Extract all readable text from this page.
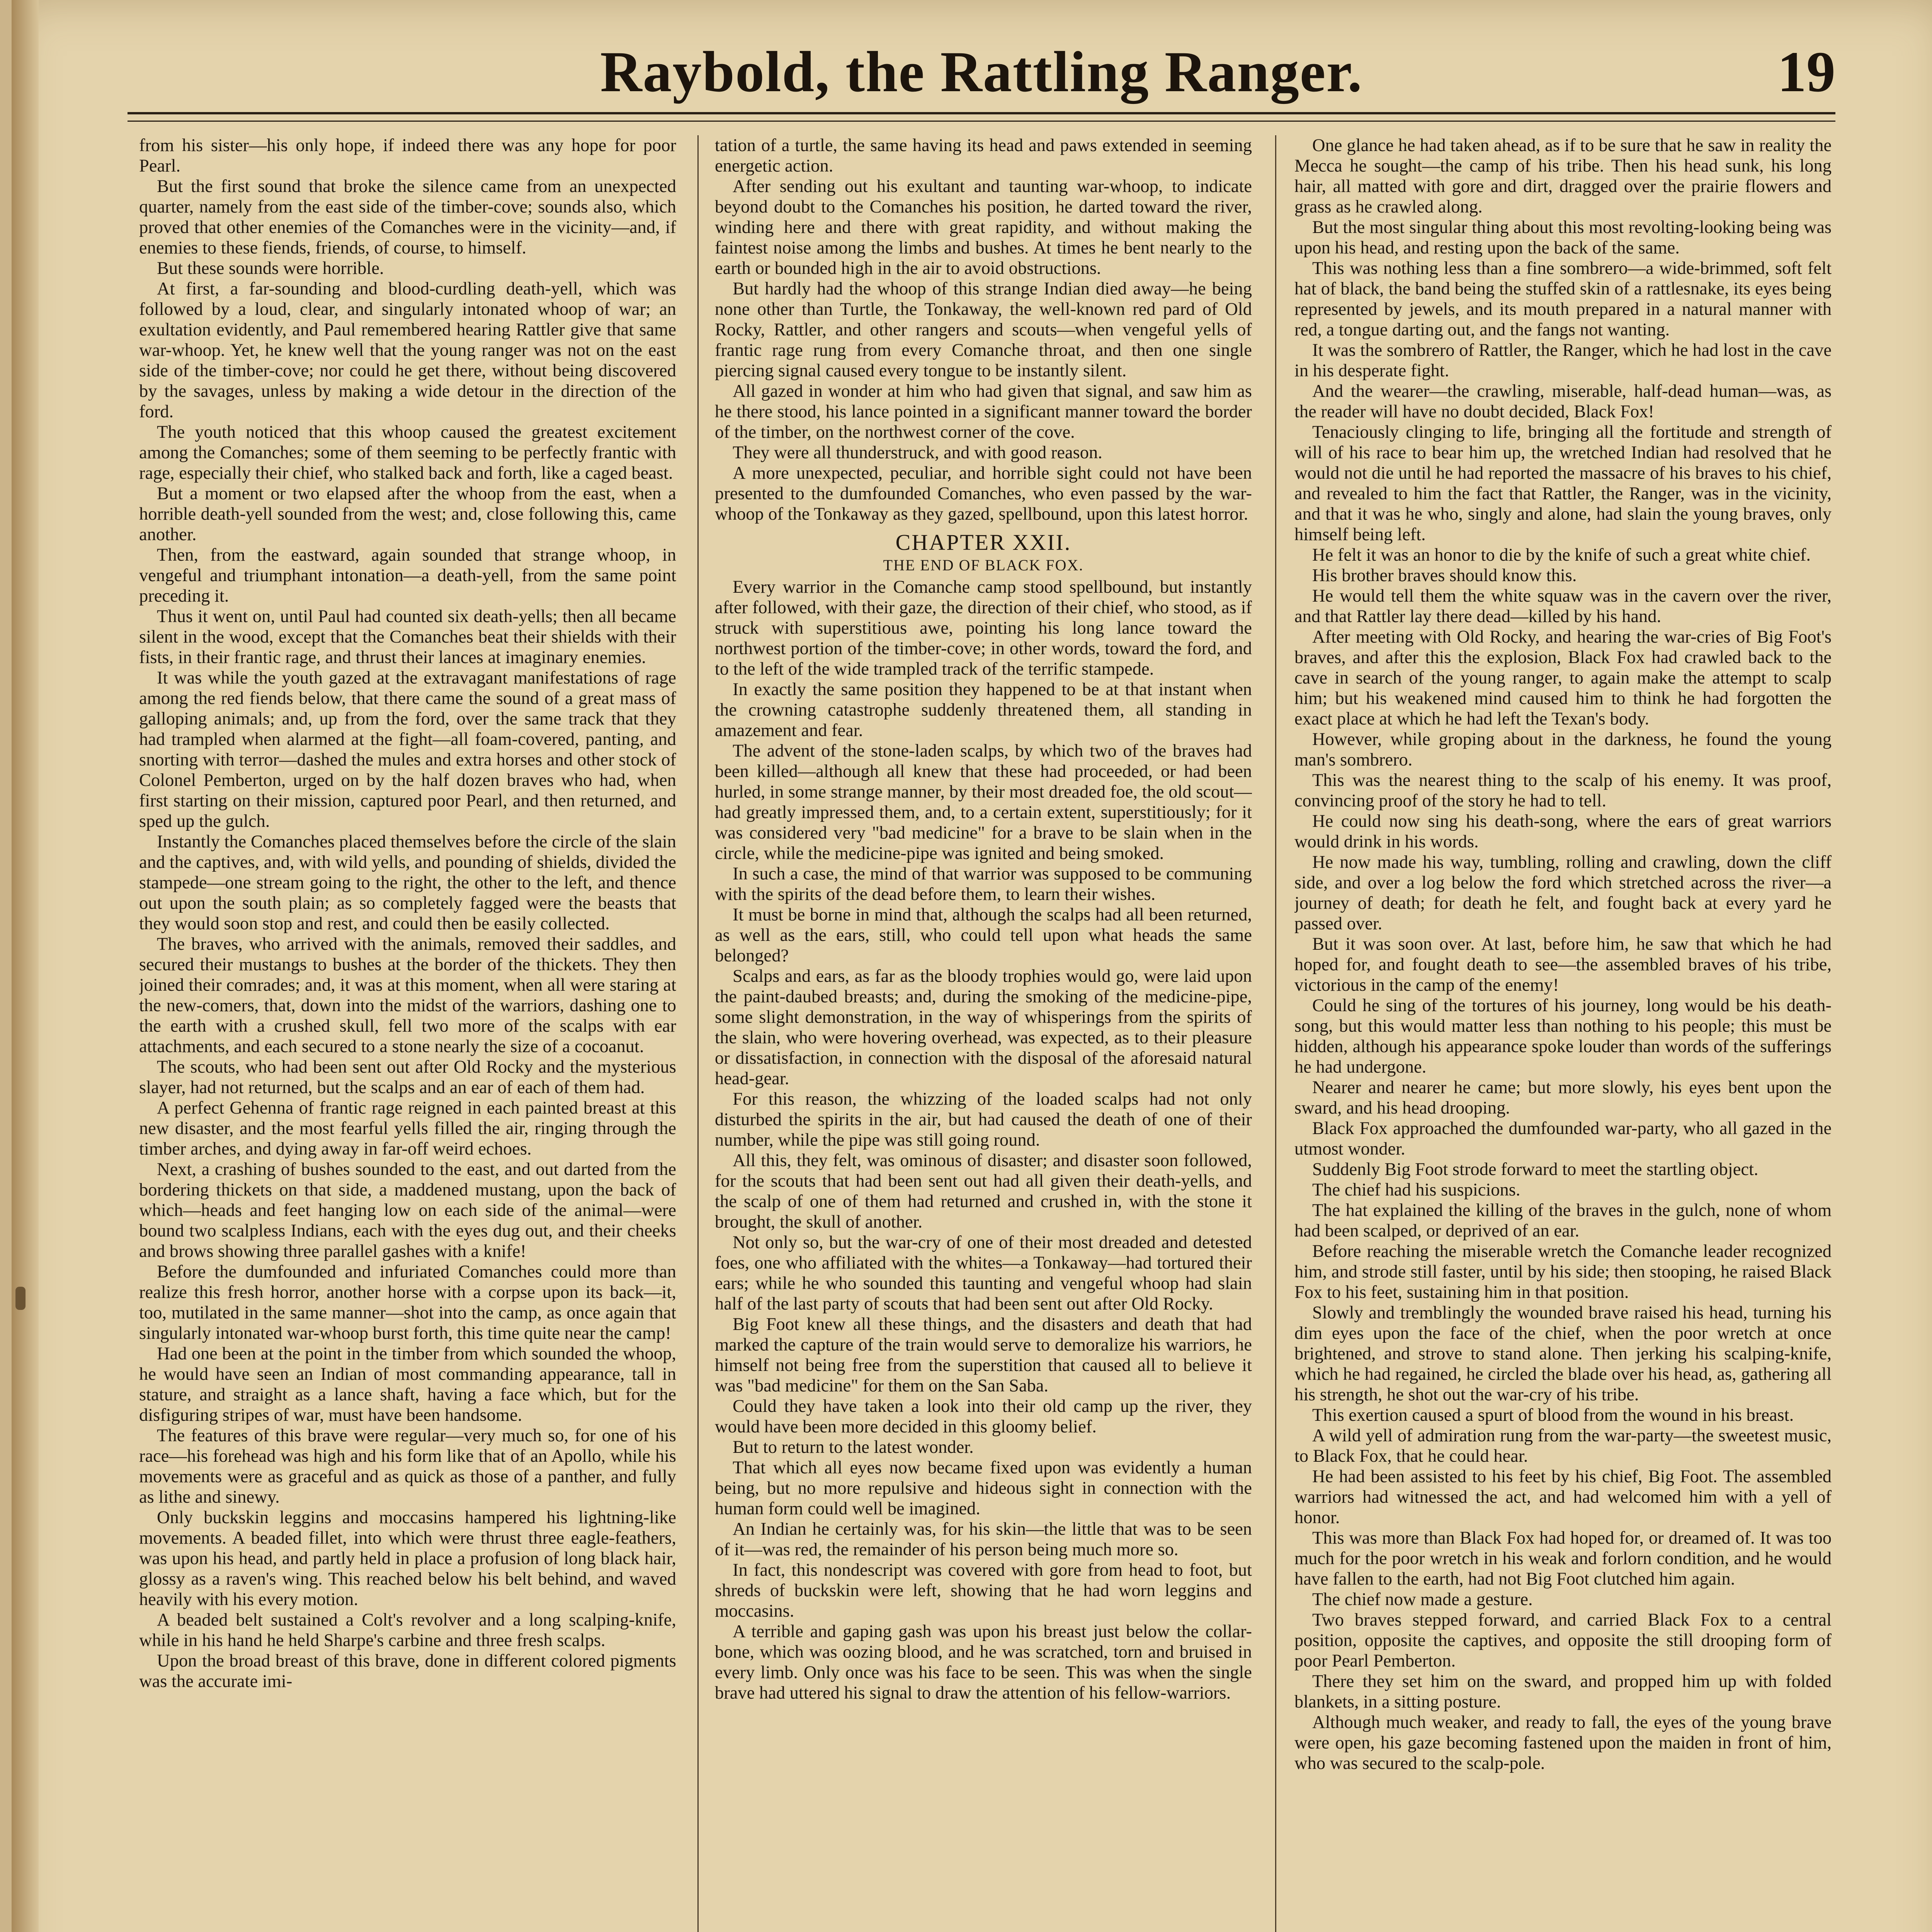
Raybold, the Rattling Ranger.	19

from his sister—his only hope, if indeed there was any hope for poor Pearl.

But the first sound that broke the silence came from an unexpected quarter, namely from the east side of the timber-cove; sounds also, which proved that other enemies of the Comanches were in the vicinity—and, if enemies to these fiends, friends, of course, to himself.

But these sounds were horrible.

At first, a far-sounding and blood-curdling death-yell, which was followed by a loud, clear, and singularly intonated whoop of war; an exultation evidently, and Paul remembered hearing Rattler give that same war-whoop. Yet, he knew well that the young ranger was not on the east side of the timber-cove; nor could he get there, without being discovered by the savages, unless by making a wide detour in the direction of the ford.

The youth noticed that this whoop caused the greatest excitement among the Comanches; some of them seeming to be perfectly frantic with rage, especially their chief, who stalked back and forth, like a caged beast.

But a moment or two elapsed after the whoop from the east, when a horrible death-yell sounded from the west; and, close following this, came another.

Then, from the eastward, again sounded that strange whoop, in vengeful and triumphant intonation—a death-yell, from the same point preceding it.

Thus it went on, until Paul had counted six death-yells; then all became silent in the wood, except that the Comanches beat their shields with their fists, in their frantic rage, and thrust their lances at imaginary enemies.

It was while the youth gazed at the extravagant manifestations of rage among the red fiends below, that there came the sound of a great mass of galloping animals; and, up from the ford, over the same track that they had trampled when alarmed at the fight—all foam-covered, panting, and snorting with terror—dashed the mules and extra horses and other stock of Colonel Pemberton, urged on by the half dozen braves who had, when first starting on their mission, captured poor Pearl, and then returned, and sped up the gulch.

Instantly the Comanches placed themselves before the circle of the slain and the captives, and, with wild yells, and pounding of shields, divided the stampede—one stream going to the right, the other to the left, and thence out upon the south plain; as so completely fagged were the beasts that they would soon stop and rest, and could then be easily collected.

The braves, who arrived with the animals, removed their saddles, and secured their mustangs to bushes at the border of the thickets. They then joined their comrades; and, it was at this moment, when all were staring at the new-comers, that, down into the midst of the warriors, dashing one to the earth with a crushed skull, fell two more of the scalps with ear attachments, and each secured to a stone nearly the size of a cocoanut.

The scouts, who had been sent out after Old Rocky and the mysterious slayer, had not returned, but the scalps and an ear of each of them had.

A perfect Gehenna of frantic rage reigned in each painted breast at this new disaster, and the most fearful yells filled the air, ringing through the timber arches, and dying away in far-off weird echoes.

Next, a crashing of bushes sounded to the east, and out darted from the bordering thickets on that side, a maddened mustang, upon the back of which—heads and feet hanging low on each side of the animal—were bound two scalpless Indians, each with the eyes dug out, and their cheeks and brows showing three parallel gashes with a knife!

Before the dumfounded and infuriated Comanches could more than realize this fresh horror, another horse with a corpse upon its back—it, too, mutilated in the same manner—shot into the camp, as once again that singularly intonated war-whoop burst forth, this time quite near the camp!

Had one been at the point in the timber from which sounded the whoop, he would have seen an Indian of most commanding appearance, tall in stature, and straight as a lance shaft, having a face which, but for the disfiguring stripes of war, must have been handsome.

The features of this brave were regular—very much so, for one of his race—his forehead was high and his form like that of an Apollo, while his movements were as graceful and as quick as those of a panther, and fully as lithe and sinewy.

Only buckskin leggins and moccasins hampered his lightning-like movements. A beaded fillet, into which were thrust three eagle-feathers, was upon his head, and partly held in place a profusion of long black hair, glossy as a raven's wing. This reached below his belt behind, and waved heavily with his every motion.

A beaded belt sustained a Colt's revolver and a long scalping-knife, while in his hand he held Sharpe's carbine and three fresh scalps.

Upon the broad breast of this brave, done in different colored pigments was the accurate imi-

tation of a turtle, the same having its head and paws extended in seeming energetic action.

After sending out his exultant and taunting war-whoop, to indicate beyond doubt to the Comanches his position, he darted toward the river, winding here and there with great rapidity, and without making the faintest noise among the limbs and bushes. At times he bent nearly to the earth or bounded high in the air to avoid obstructions.

But hardly had the whoop of this strange Indian died away—he being none other than Turtle, the Tonkaway, the well-known red pard of Old Rocky, Rattler, and other rangers and scouts—when vengeful yells of frantic rage rung from every Comanche throat, and then one single piercing signal caused every tongue to be instantly silent.

All gazed in wonder at him who had given that signal, and saw him as he there stood, his lance pointed in a significant manner toward the border of the timber, on the northwest corner of the cove.

They were all thunderstruck, and with good reason.

A more unexpected, peculiar, and horrible sight could not have been presented to the dumfounded Comanches, who even passed by the war-whoop of the Tonkaway as they gazed, spellbound, upon this latest horror.

CHAPTER XXII.
THE END OF BLACK FOX.

Every warrior in the Comanche camp stood spellbound, but instantly after followed, with their gaze, the direction of their chief, who stood, as if struck with superstitious awe, pointing his long lance toward the northwest portion of the timber-cove; in other words, toward the ford, and to the left of the wide trampled track of the terrific stampede.

In exactly the same position they happened to be at that instant when the crowning catastrophe suddenly threatened them, all standing in amazement and fear.

The advent of the stone-laden scalps, by which two of the braves had been killed—although all knew that these had proceeded, or had been hurled, in some strange manner, by their most dreaded foe, the old scout—had greatly impressed them, and, to a certain extent, superstitiously; for it was considered very "bad medicine" for a brave to be slain when in the circle, while the medicine-pipe was ignited and being smoked.

In such a case, the mind of that warrior was supposed to be communing with the spirits of the dead before them, to learn their wishes.

It must be borne in mind that, although the scalps had all been returned, as well as the ears, still, who could tell upon what heads the same belonged?

Scalps and ears, as far as the bloody trophies would go, were laid upon the paint-daubed breasts; and, during the smoking of the medicine-pipe, some slight demonstration, in the way of whisperings from the spirits of the slain, who were hovering overhead, was expected, as to their pleasure or dissatisfaction, in connection with the disposal of the aforesaid natural head-gear.

For this reason, the whizzing of the loaded scalps had not only disturbed the spirits in the air, but had caused the death of one of their number, while the pipe was still going round.

All this, they felt, was ominous of disaster; and disaster soon followed, for the scouts that had been sent out had all given their death-yells, and the scalp of one of them had returned and crushed in, with the stone it brought, the skull of another.

Not only so, but the war-cry of one of their most dreaded and detested foes, one who affiliated with the whites—a Tonkaway—had tortured their ears; while he who sounded this taunting and vengeful whoop had slain half of the last party of scouts that had been sent out after Old Rocky.

Big Foot knew all these things, and the disasters and death that had marked the capture of the train would serve to demoralize his warriors, he himself not being free from the superstition that caused all to believe it was "bad medicine" for them on the San Saba.

Could they have taken a look into their old camp up the river, they would have been more decided in this gloomy belief.

But to return to the latest wonder.

That which all eyes now became fixed upon was evidently a human being, but no more repulsive and hideous sight in connection with the human form could well be imagined.

An Indian he certainly was, for his skin—the little that was to be seen of it—was red, the remainder of his person being much more so.

In fact, this nondescript was covered with gore from head to foot, but shreds of buckskin were left, showing that he had worn leggins and moccasins.

A terrible and gaping gash was upon his breast just below the collar-bone, which was oozing blood, and he was scratched, torn and bruised in every limb. Only once was his face to be seen. This was when the single brave had uttered his signal to draw the attention of his fellow-warriors.

One glance he had taken ahead, as if to be sure that he saw in reality the Mecca he sought—the camp of his tribe. Then his head sunk, his long hair, all matted with gore and dirt, dragged over the prairie flowers and grass as he crawled along.

But the most singular thing about this most revolting-looking being was upon his head, and resting upon the back of the same.

This was nothing less than a fine sombrero—a wide-brimmed, soft felt hat of black, the band being the stuffed skin of a rattlesnake, its eyes being represented by jewels, and its mouth prepared in a natural manner with red, a tongue darting out, and the fangs not wanting.

It was the sombrero of Rattler, the Ranger, which he had lost in the cave in his desperate fight.

And the wearer—the crawling, miserable, half-dead human—was, as the reader will have no doubt decided, Black Fox!

Tenaciously clinging to life, bringing all the fortitude and strength of will of his race to bear him up, the wretched Indian had resolved that he would not die until he had reported the massacre of his braves to his chief, and revealed to him the fact that Rattler, the Ranger, was in the vicinity, and that it was he who, singly and alone, had slain the young braves, only himself being left.

He felt it was an honor to die by the knife of such a great white chief.

His brother braves should know this.

He would tell them the white squaw was in the cavern over the river, and that Rattler lay there dead—killed by his hand.

After meeting with Old Rocky, and hearing the war-cries of Big Foot's braves, and after this the explosion, Black Fox had crawled back to the cave in search of the young ranger, to again make the attempt to scalp him; but his weakened mind caused him to think he had forgotten the exact place at which he had left the Texan's body.

However, while groping about in the darkness, he found the young man's sombrero.

This was the nearest thing to the scalp of his enemy. It was proof, convincing proof of the story he had to tell.

He could now sing his death-song, where the ears of great warriors would drink in his words.

He now made his way, tumbling, rolling and crawling, down the cliff side, and over a log below the ford which stretched across the river—a journey of death; for death he felt, and fought back at every yard he passed over.

But it was soon over. At last, before him, he saw that which he had hoped for, and fought death to see—the assembled braves of his tribe, victorious in the camp of the enemy!

Could he sing of the tortures of his journey, long would be his death-song, but this would matter less than nothing to his people; this must be hidden, although his appearance spoke louder than words of the sufferings he had undergone.

Nearer and nearer he came; but more slowly, his eyes bent upon the sward, and his head drooping.

Black Fox approached the dumfounded war-party, who all gazed in the utmost wonder.

Suddenly Big Foot strode forward to meet the startling object.

The chief had his suspicions.

The hat explained the killing of the braves in the gulch, none of whom had been scalped, or deprived of an ear.

Before reaching the miserable wretch the Comanche leader recognized him, and strode still faster, until by his side; then stooping, he raised Black Fox to his feet, sustaining him in that position.

Slowly and tremblingly the wounded brave raised his head, turning his dim eyes upon the face of the chief, when the poor wretch at once brightened, and strove to stand alone. Then jerking his scalping-knife, which he had regained, he circled the blade over his head, as, gathering all his strength, he shot out the war-cry of his tribe.

This exertion caused a spurt of blood from the wound in his breast.

A wild yell of admiration rung from the war-party—the sweetest music, to Black Fox, that he could hear.

He had been assisted to his feet by his chief, Big Foot. The assembled warriors had witnessed the act, and had welcomed him with a yell of honor.

This was more than Black Fox had hoped for, or dreamed of. It was too much for the poor wretch in his weak and forlorn condition, and he would have fallen to the earth, had not Big Foot clutched him again.

The chief now made a gesture.

Two braves stepped forward, and carried Black Fox to a central position, opposite the captives, and opposite the still drooping form of poor Pearl Pemberton.

There they set him on the sward, and propped him up with folded blankets, in a sitting posture.

Although much weaker, and ready to fall, the eyes of the young brave were open, his gaze becoming fastened upon the maiden in front of him, who was secured to the scalp-pole.
